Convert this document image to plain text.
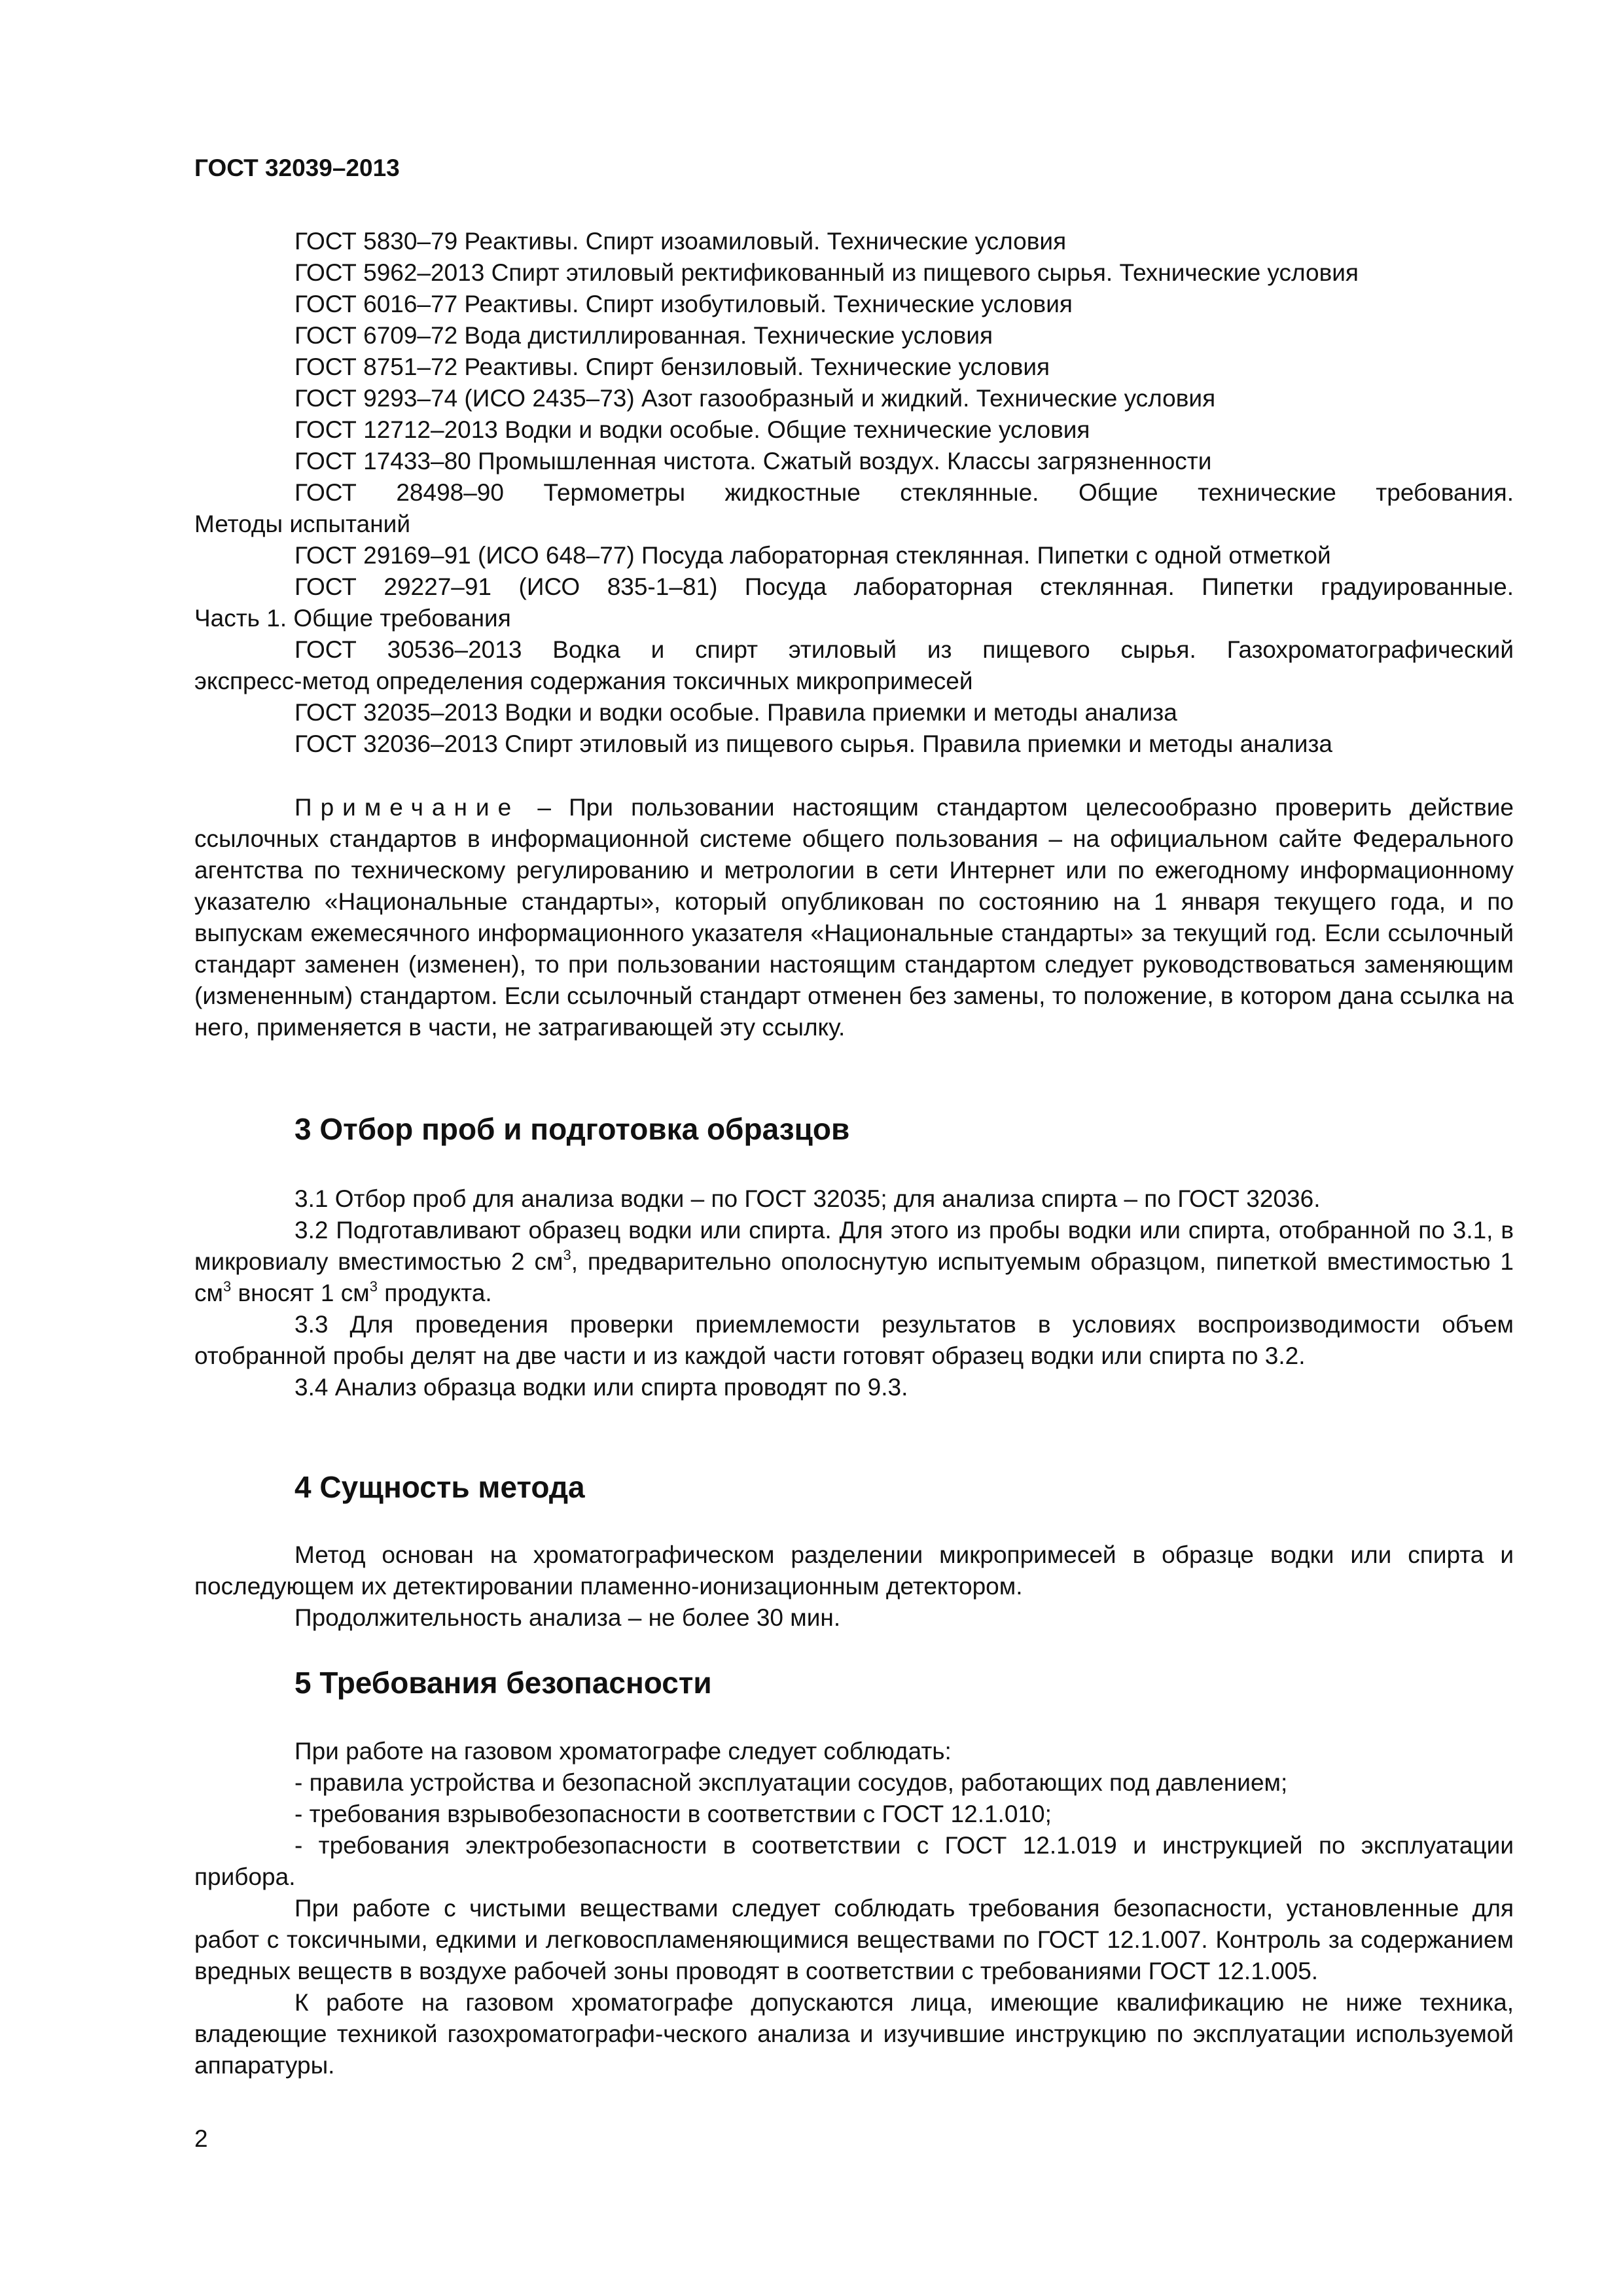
ГОСТ 32039–2013

ГОСТ 5830–79 Реактивы. Спирт изоамиловый. Технические условия

ГОСТ 5962–2013 Спирт этиловый ректификованный из пищевого сырья. Технические условия

ГОСТ 6016–77 Реактивы. Спирт изобутиловый. Технические условия

ГОСТ 6709–72 Вода дистиллированная. Технические условия

ГОСТ 8751–72 Реактивы. Спирт бензиловый. Технические условия

ГОСТ 9293–74 (ИСО 2435–73) Азот газообразный и жидкий. Технические условия

ГОСТ 12712–2013 Водки и водки особые. Общие технические условия

ГОСТ 17433–80 Промышленная чистота. Сжатый воздух. Классы загрязненности

ГОСТ 28498–90 Термометры жидкостные стеклянные. Общие технические требования.

Методы испытаний

ГОСТ 29169–91 (ИСО 648–77) Посуда лабораторная стеклянная. Пипетки с одной отметкой

ГОСТ 29227–91 (ИСО 835-1–81) Посуда лабораторная стеклянная. Пипетки градуированные.

Часть 1. Общие требования

ГОСТ 30536–2013 Водка и спирт этиловый из пищевого сырья. Газохроматографический

экспресс-метод определения содержания токсичных микропримесей

ГОСТ 32035–2013 Водки и водки особые. Правила приемки и методы анализа

ГОСТ 32036–2013 Спирт этиловый из пищевого сырья. Правила приемки и методы анализа

Примечание – При пользовании настоящим стандартом целесообразно проверить действие ссылочных стандартов в информационной системе общего пользования – на официальном сайте Федерального агентства по техническому регулированию и метрологии в сети Интернет или по ежегодному информационному указателю «Национальные стандарты», который опубликован по состоянию на 1 января текущего года, и по выпускам ежемесячного информационного указателя «Национальные стандарты» за текущий год. Если ссылочный стандарт заменен (изменен), то при пользовании настоящим стандартом следует руководствоваться заменяющим (измененным) стандартом. Если ссылочный стандарт отменен без замены, то положение, в котором дана ссылка на него, применяется в части, не затрагивающей эту ссылку.

3 Отбор проб и подготовка образцов

3.1 Отбор проб для анализа водки – по ГОСТ 32035; для анализа спирта – по ГОСТ 32036.

3.2 Подготавливают образец водки или спирта. Для этого из пробы водки или спирта, отобранной по 3.1, в микровиалу вместимостью 2 $см^3$, предварительно ополоснутую испытуемым образцом, пипеткой вместимостью 1 $см^3$ вносят 1 $см^3$ продукта.

3.3 Для проведения проверки приемлемости результатов в условиях воспроизводимости объем отобранной пробы делят на две части и из каждой части готовят образец водки или спирта по 3.2.

3.4 Анализ образца водки или спирта проводят по 9.3.

4 Сущность метода

Метод основан на хроматографическом разделении микропримесей в образце водки или спирта и последующем их детектировании пламенно-ионизационным детектором.

Продолжительность анализа – не более 30 мин.

5 Требования безопасности

При работе на газовом хроматографе следует соблюдать:

- правила устройства и безопасной эксплуатации сосудов, работающих под давлением;

- требования взрывобезопасности в соответствии с ГОСТ 12.1.010;

- требования электробезопасности в соответствии с ГОСТ 12.1.019 и инструкцией по эксплуатации прибора.

При работе с чистыми веществами следует соблюдать требования безопасности, установленные для работ с токсичными, едкими и легковоспламеняющимися веществами по ГОСТ 12.1.007. Контроль за содержанием вредных веществ в воздухе рабочей зоны проводят в соответствии с требованиями ГОСТ 12.1.005.

К работе на газовом хроматографе допускаются лица, имеющие квалификацию не ниже техника, владеющие техникой газохроматографи-ческого анализа и изучившие инструкцию по эксплуатации используемой аппаратуры.

2
